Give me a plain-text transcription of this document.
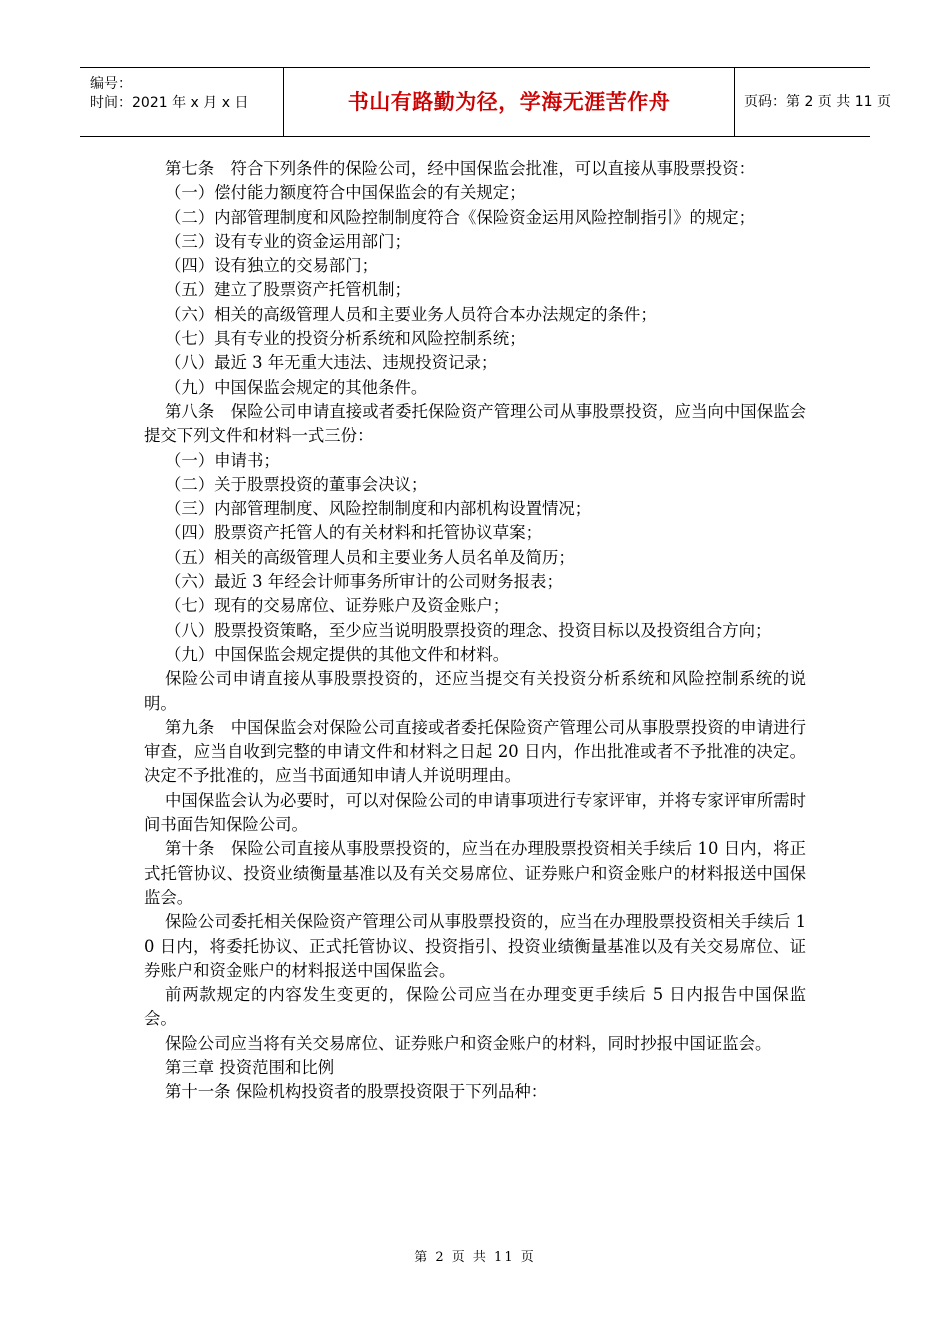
编号：
时间：2021 年 x 月 x 日	书山有路勤为径，学海无涯苦作舟	页码：第 2 页 共 11 页

第七条　符合下列条件的保险公司，经中国保监会批准，可以直接从事股票投资：

（一）偿付能力额度符合中国保监会的有关规定；

（二）内部管理制度和风险控制制度符合《保险资金运用风险控制指引》的规定；

（三）设有专业的资金运用部门；

（四）设有独立的交易部门；

（五）建立了股票资产托管机制；

（六）相关的高级管理人员和主要业务人员符合本办法规定的条件；

（七）具有专业的投资分析系统和风险控制系统；

（八）最近 3 年无重大违法、违规投资记录；

（九）中国保监会规定的其他条件。

第八条　保险公司申请直接或者委托保险资产管理公司从事股票投资，应当向中国保监会提交下列文件和材料一式三份：

（一）申请书；

（二）关于股票投资的董事会决议；

（三）内部管理制度、风险控制制度和内部机构设置情况；

（四）股票资产托管人的有关材料和托管协议草案；

（五）相关的高级管理人员和主要业务人员名单及简历；

（六）最近 3 年经会计师事务所审计的公司财务报表；

（七）现有的交易席位、证券账户及资金账户；

（八）股票投资策略，至少应当说明股票投资的理念、投资目标以及投资组合方向；

（九）中国保监会规定提供的其他文件和材料。

保险公司申请直接从事股票投资的，还应当提交有关投资分析系统和风险控制系统的说明。

第九条　中国保监会对保险公司直接或者委托保险资产管理公司从事股票投资的申请进行审查，应当自收到完整的申请文件和材料之日起 20 日内，作出批准或者不予批准的决定。决定不予批准的，应当书面通知申请人并说明理由。

中国保监会认为必要时，可以对保险公司的申请事项进行专家评审，并将专家评审所需时间书面告知保险公司。

第十条　保险公司直接从事股票投资的，应当在办理股票投资相关手续后 10 日内，将正式托管协议、投资业绩衡量基准以及有关交易席位、证券账户和资金账户的材料报送中国保监会。

保险公司委托相关保险资产管理公司从事股票投资的，应当在办理股票投资相关手续后 10 日内，将委托协议、正式托管协议、投资指引、投资业绩衡量基准以及有关交易席位、证券账户和资金账户的材料报送中国保监会。

前两款规定的内容发生变更的，保险公司应当在办理变更手续后 5 日内报告中国保监会。

保险公司应当将有关交易席位、证券账户和资金账户的材料，同时抄报中国证监会。

第三章 投资范围和比例

第十一条 保险机构投资者的股票投资限于下列品种：

第 2 页 共 11 页
